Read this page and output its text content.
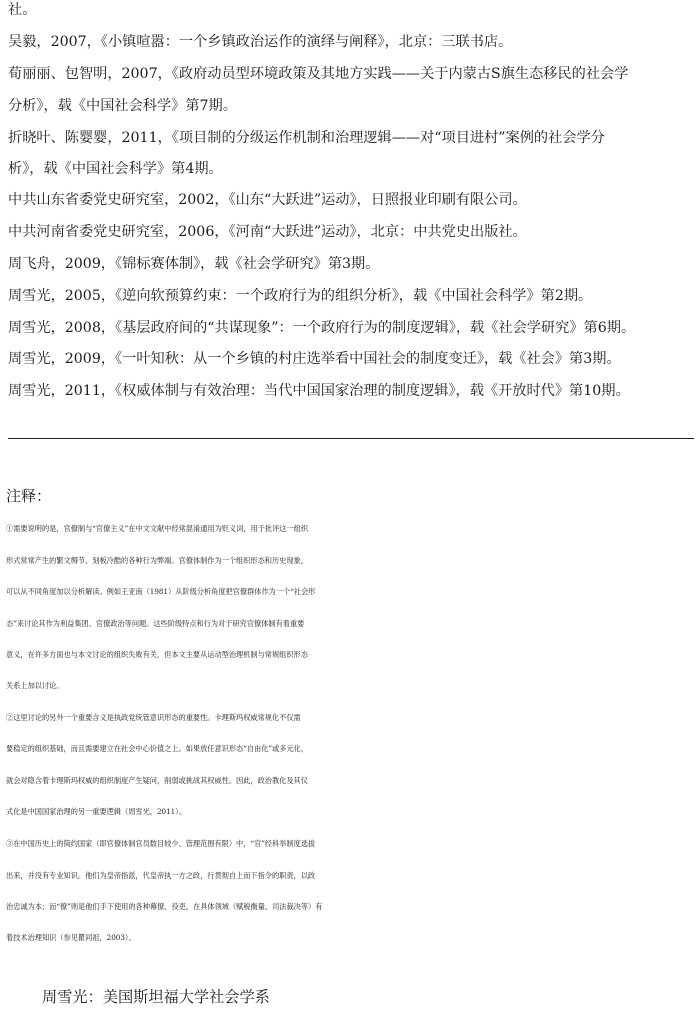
社。
吴毅，2007，《小镇喧嚣：一个乡镇政治运作的演绎与阐释》，北京：三联书店。
荀丽丽、包智明，2007，《政府动员型环境政策及其地方实践——关于内蒙古S旗生态移民的社会学
分析》，载《中国社会科学》第7期。
折晓叶、陈婴婴，2011，《项目制的分级运作机制和治理逻辑——对“项目进村”案例的社会学分
析》，载《中国社会科学》第4期。
中共山东省委党史研究室，2002，《山东“大跃进”运动》，日照报业印刷有限公司。
中共河南省委党史研究室，2006，《河南“大跃进”运动》，北京：中共党史出版社。
周飞舟，2009，《锦标赛体制》，载《社会学研究》第3期。
周雪光，2005，《逆向软预算约束：一个政府行为的组织分析》，载《中国社会科学》第2期。
周雪光，2008，《基层政府间的“共谋现象”：一个政府行为的制度逻辑》，载《社会学研究》第6期。
周雪光，2009，《一叶知秋：从一个乡镇的村庄选举看中国社会的制度变迁》，载《社会》第3期。
周雪光，2011，《权威体制与有效治理：当代中国国家治理的制度逻辑》，载《开放时代》第10期。
注释：
①需要说明的是，官僚制与“官僚主义”在中文文献中经常混淆通用为贬义词，用于批评这一组织
形式常常产生的繁文缛节、刻板冷酷的各种行为弊端。官僚体制作为一个组织形态和历史现象，
可以从不同角度加以分析解读。例如王亚南（1981）从阶级分析角度把官僚群体作为一个“社会形
态”来讨论其作为利益集团、官僚政治等问题。这些阶级特点和行为对于研究官僚体制有着重要
意义，在许多方面也与本文讨论的组织失败有关，但本文主要从运动型治理机制与常规组织形态
关系上加以讨论。
②这里讨论的另外一个重要含义是执政党统管意识形态的重要性。卡理斯玛权威常规化不仅需
要稳定的组织基础，而且需要建立在社会中心价值之上。如果放任意识形态“自由化”或多元化，
就会对隐含着卡理斯玛权威的组织制度产生疑问，削弱或挑战其权威性。因此，政治教化及其仪
式化是中国国家治理的另一重要逻辑（周雪光，2011）。
③在中国历史上的简约国家（即官僚体制官员数目较少、管理范围有限）中，“官”经科举制度选拔
出来，并没有专业知识。他们为皇帝指派，代皇帝执一方之政，行贯彻自上而下指令的职责，以政
治忠诚为本；而“僚”则是他们手下使用的各种幕僚、役吏，在具体领域（赋税衡量、司法裁决等）有
着技术治理知识（参见瞿同祖，2003）。
周雪光：美国斯坦福大学社会学系
